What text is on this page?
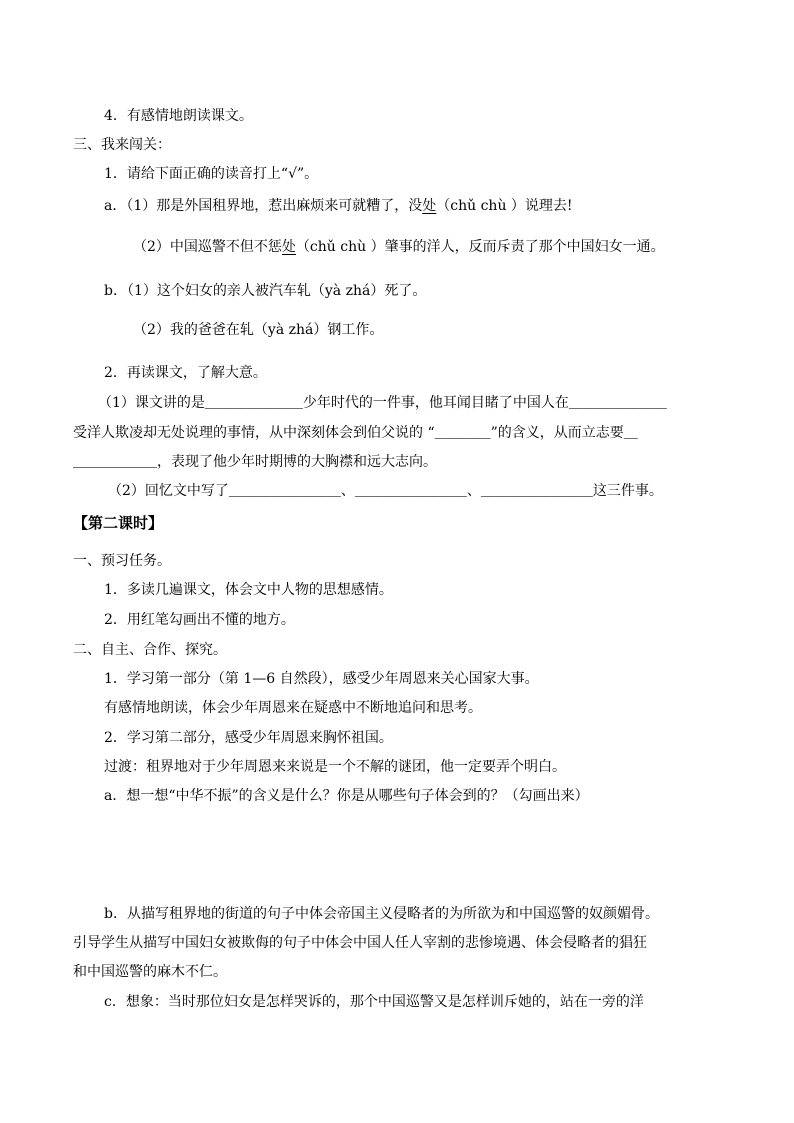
4．有感情地朗读课文。
三、我来闯关：
1．请给下面正确的读音打上“√”。
a．（1）那是外国租界地，惹出麻烦来可就糟了，没处（chǔ chù ）说理去!
（2）中国巡警不但不惩处（chǔ chù ）肇事的洋人，反而斥责了那个中国妇女一通。
b．（1）这个妇女的亲人被汽车轧（yà zhá）死了。
（2）我的爸爸在轧（yà zhá）钢工作。
2．再读课文，了解大意。
（1）课文讲的是＿＿＿＿＿＿＿少年时代的一件事，他耳闻目睹了中国人在＿＿＿＿＿＿＿
受洋人欺凌却无处说理的事情，从中深刻体会到伯父说的 “＿＿＿＿”的含义，从而立志要＿
＿＿＿＿＿＿，表现了他少年时期博的大胸襟和远大志向。
（2）回忆文中写了＿＿＿＿＿＿＿＿、＿＿＿＿＿＿＿＿、＿＿＿＿＿＿＿＿这三件事。
【第二课时】
一、预习任务。
1．多读几遍课文，体会文中人物的思想感情。
2．用红笔勾画出不懂的地方。
二、自主、合作、探究。
1．学习第一部分（第 1—6 自然段），感受少年周恩来关心国家大事。
有感情地朗读，体会少年周恩来在疑惑中不断地追问和思考。
2．学习第二部分，感受少年周恩来胸怀祖国。
过渡：租界地对于少年周恩来来说是一个不解的谜团，他一定要弄个明白。
a．想一想“中华不振”的含义是什么？你是从哪些句子体会到的？（勾画出来）
b．从描写租界地的街道的句子中体会帝国主义侵略者的为所欲为和中国巡警的奴颜媚骨。
引导学生从描写中国妇女被欺侮的句子中体会中国人任人宰割的悲惨境遇、体会侵略者的猖狂
和中国巡警的麻木不仁。
c．想象：当时那位妇女是怎样哭诉的，那个中国巡警又是怎样训斥她的，站在一旁的洋
